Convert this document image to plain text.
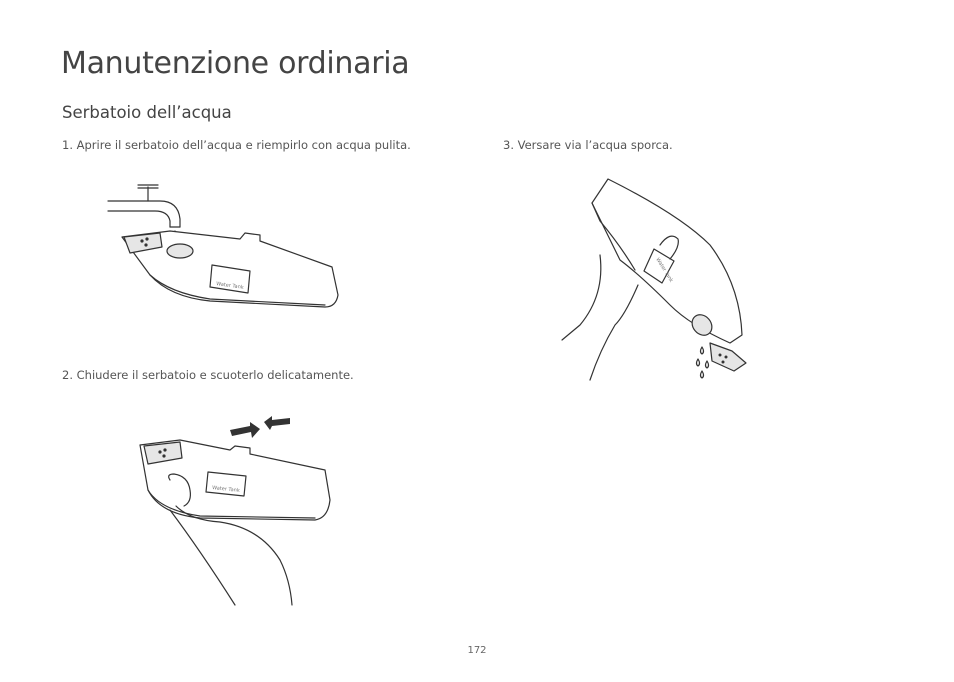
Manutenzione ordinaria
Serbatoio dell’acqua

1. Aprire il serbatoio dell’acqua e riempirlo con acqua pulita.

2. Chiudere il serbatoio e scuoterlo delicatamente.

3. Versare via l’acqua sporca.

Water Tank
Water Tank
Water Tank
172
